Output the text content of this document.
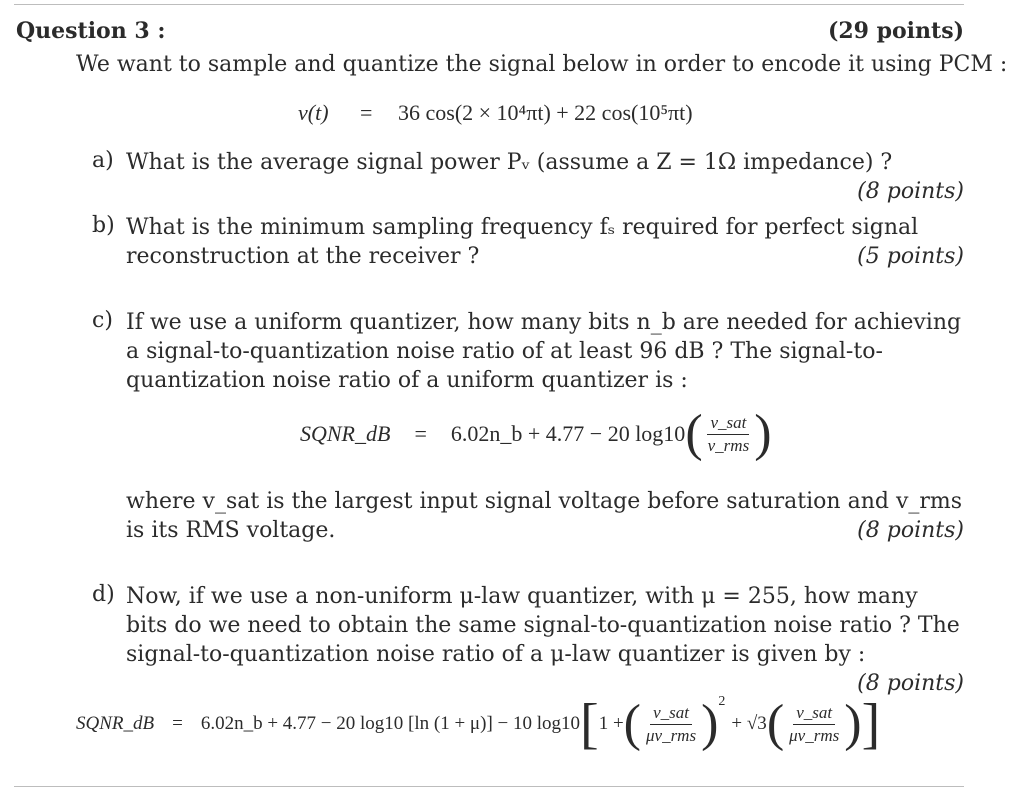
Question 3 :	(29 points)
We want to sample and quantize the signal below in order to encode it using PCM :
v(t) = 36 cos(2 × 10⁴πt) + 22 cos(10⁵πt)
a) What is the average signal power Pᵥ (assume a Z = 1Ω impedance) ?
(8 points)
b) What is the minimum sampling frequency fₛ required for perfect signal reconstruction at the receiver ?	(5 points)
c) If we use a uniform quantizer, how many bits n_b are needed for achieving a signal-to-quantization noise ratio of at least 96 dB ? The signal-to-quantization noise ratio of a uniform quantizer is :
SQNR_dB = 6.02n_b + 4.77 − 20 log10 ( $\frac{\text{v\_sat}}{\text{v\_rms}}$ )
where v_sat is the largest input signal voltage before saturation and v_rms is its RMS voltage.	(8 points)
d) Now, if we use a non-uniform μ-law quantizer, with μ = 255, how many bits do we need to obtain the same signal-to-quantization noise ratio ? The signal-to-quantization noise ratio of a μ-law quantizer is given by :
(8 points)
SQNR_dB = 6.02n_b + 4.77 − 20 log10 [ln (1 + μ)] − 10 log10 [ 1 + ( $\frac{\text{v\_sat}}{\text{μv\_rms}} )^2$
+ √3 ( $\frac{\text{v\_sat}}{\text{μv\_rms}}$ ) ]
